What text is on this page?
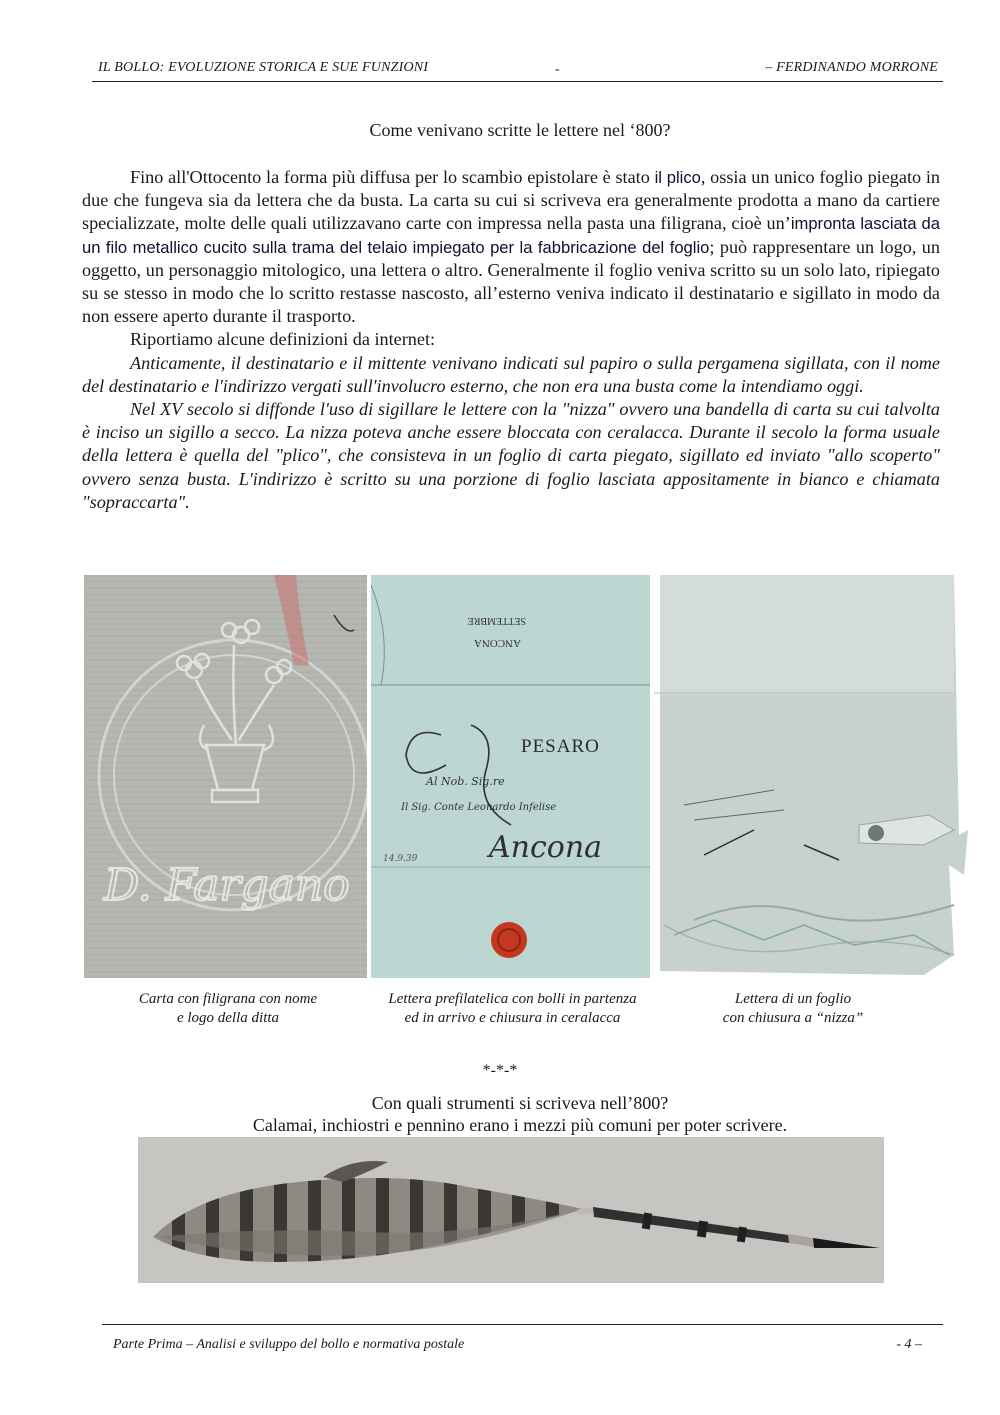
IL BOLLO: EVOLUZIONE STORICA E SUE FUNZIONI	-	– FERDINANDO MORRONE
Come venivano scritte le lettere nel ‘800?

Fino all'Ottocento la forma più diffusa per lo scambio epistolare è stato il plico, ossia un unico foglio piegato in due che fungeva sia da lettera che da busta. La carta su cui si scriveva era generalmente prodotta a mano da cartiere specializzate, molte delle quali utilizzavano carte con impressa nella pasta una filigrana, cioè un’impronta lasciata da un filo metallico cucito sulla trama del telaio impiegato per la fabbricazione del foglio; può rappresentare un logo, un oggetto, un personaggio mitologico, una lettera o altro. Generalmente il foglio veniva scritto su un solo lato, ripiegato su se stesso in modo che lo scritto restasse nascosto, all’esterno veniva indicato il destinatario e sigillato in modo da non essere aperto durante il trasporto.

Riportiamo alcune definizioni da internet:

Anticamente, il destinatario e il mittente venivano indicati sul papiro o sulla pergamena sigillata, con il nome del destinatario e l'indirizzo vergati sull'involucro esterno, che non era una busta come la intendiamo oggi.

Nel XV secolo si diffonde l'uso di sigillare le lettere con la "nizza" ovvero una bandella di carta su cui talvolta è inciso un sigillo a secco. La nizza poteva anche essere bloccata con ceralacca. Durante il secolo la forma usuale della lettera è quella del "plico", che consisteva in un foglio di carta piegato, sigillato ed inviato "allo scoperto" ovvero senza busta. L'indirizzo è scritto su una porzione di foglio lasciata appositamente in bianco e chiamata "sopraccarta".

D. Fargano
ANCONA
SETTEMBRE
PESARO
Al Nob. Sig.re
Il Sig. Conte Leonardo Infelise
Ancona
14.9.39
Carta con filigrana con nome
e logo della ditta
Lettera prefilatelica con bolli in partenza
ed in arrivo e chiusura in ceralacca
Lettera di un foglio
con chiusura a “nizza”
*-*-*
Con quali strumenti si scriveva nell’800?
Calamai, inchiostri e pennino erano i mezzi più comuni per poter scrivere.
Parte Prima – Analisi e sviluppo del bollo e normativa postale	- 4 –
